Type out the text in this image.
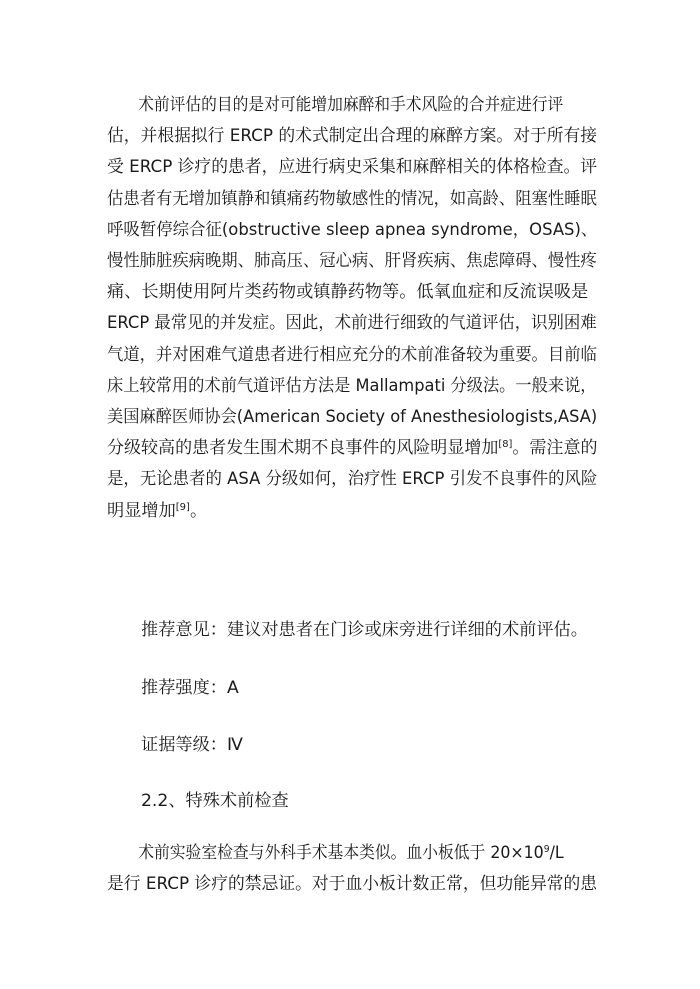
术前评估的目的是对可能增加麻醉和手术风险的合并症进行评
估，并根据拟行 ERCP 的术式制定出合理的麻醉方案。对于所有接
受 ERCP 诊疗的患者，应进行病史采集和麻醉相关的体格检查。评
估患者有无增加镇静和镇痛药物敏感性的情况，如高龄、阻塞性睡眠
呼吸暂停综合征(obstructive sleep apnea syndrome，OSAS)、
慢性肺脏疾病晚期、肺高压、冠心病、肝肾疾病、焦虑障碍、慢性疼
痛、长期使用阿片类药物或镇静药物等。低氧血症和反流误吸是
ERCP 最常见的并发症。因此，术前进行细致的气道评估，识别困难
气道，并对困难气道患者进行相应充分的术前准备较为重要。目前临
床上较常用的术前气道评估方法是 Mallampati 分级法。一般来说，
美国麻醉医师协会(American Society of Anesthesiologists,ASA)
分级较高的患者发生围术期不良事件的风险明显增加[8]。需注意的
是，无论患者的 ASA 分级如何，治疗性 ERCP 引发不良事件的风险
明显增加[9]。
推荐意见：建议对患者在门诊或床旁进行详细的术前评估。
推荐强度：A
证据等级：Ⅳ
2.2、特殊术前检查
术前实验室检查与外科手术基本类似。血小板低于 $20\times 10^9/L$
是行 ERCP 诊疗的禁忌证。对于血小板计数正常，但功能异常的患
